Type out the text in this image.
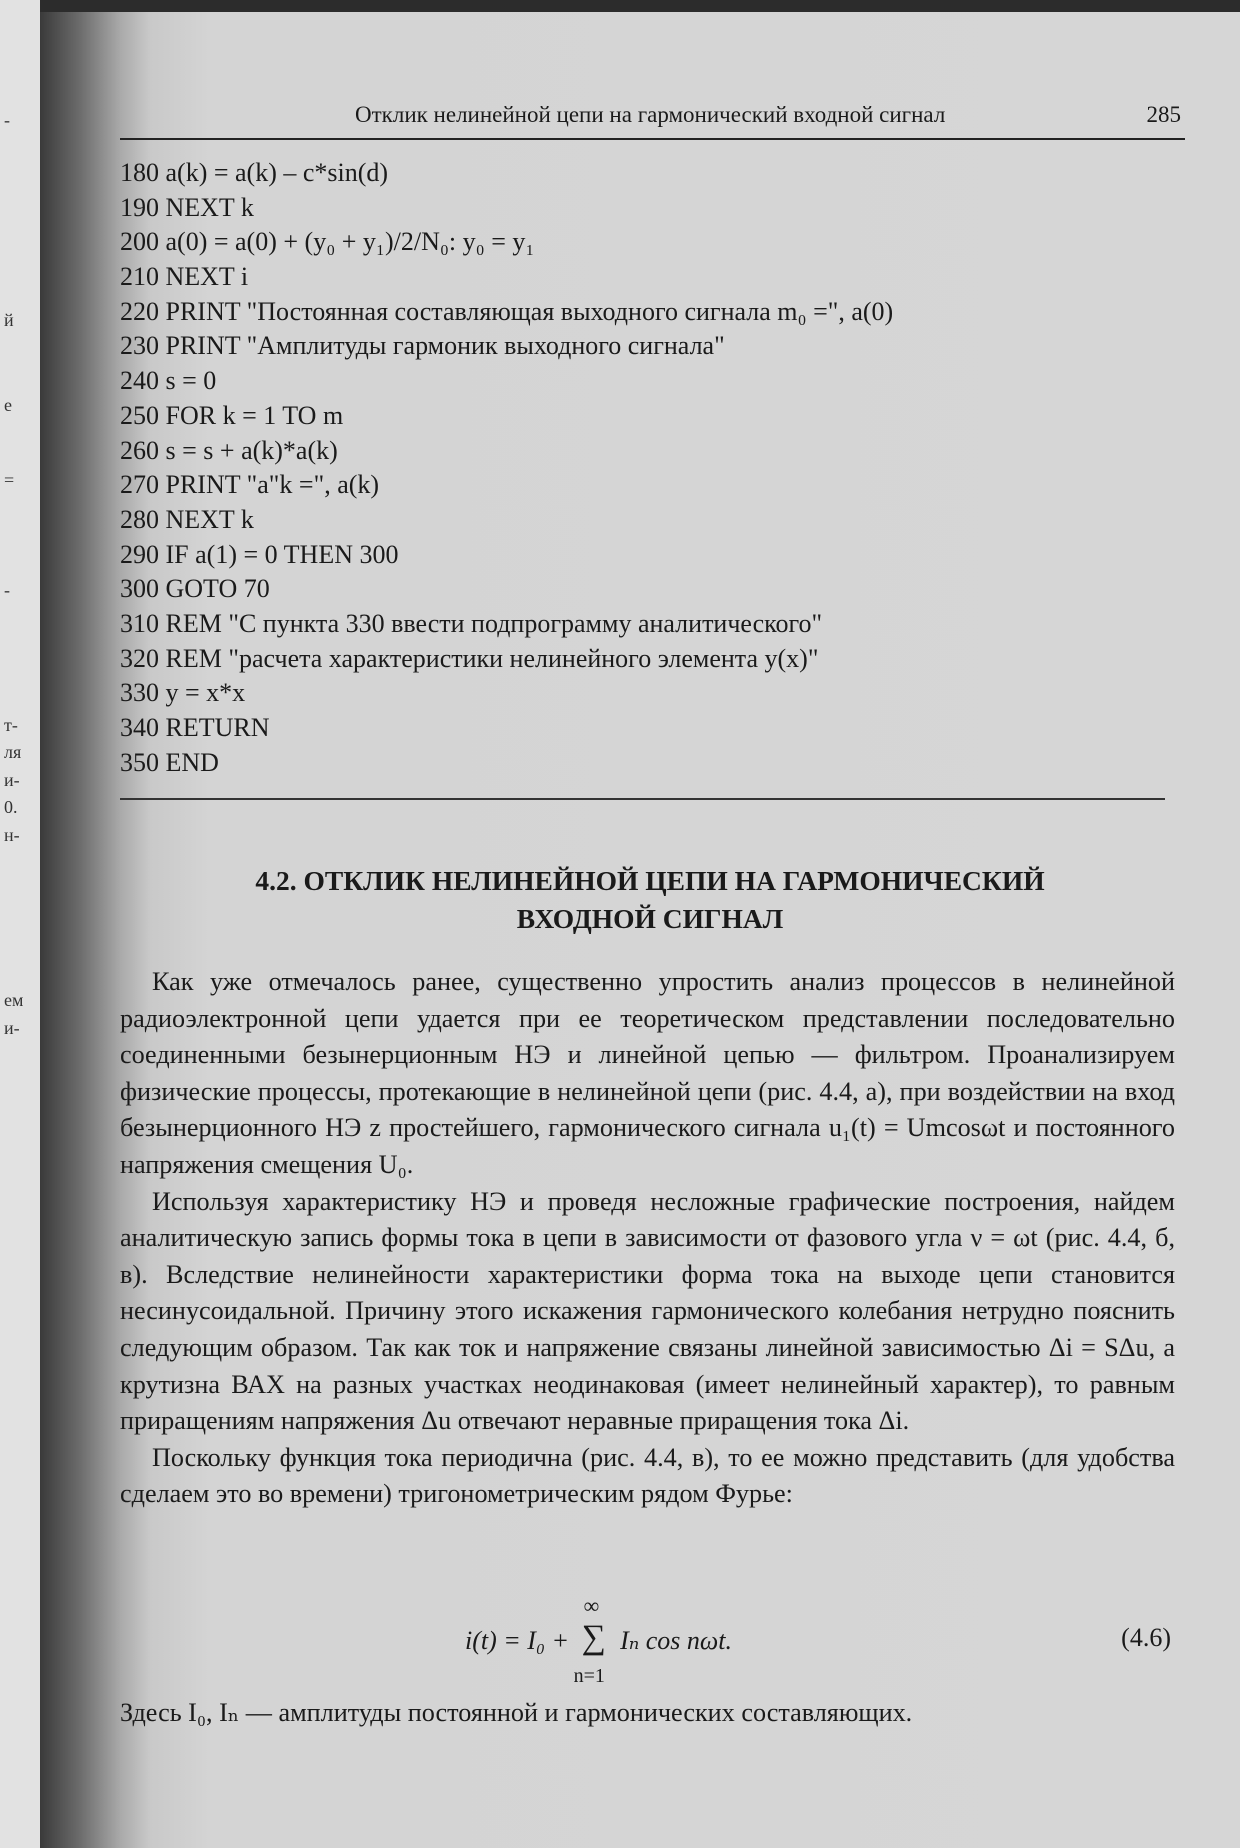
-
й
е
=
-
т-
ля
и-
0.
н-
ем
и-
Отклик нелинейной цепи на гармонический входной сигнал	285
180 a(k) = a(k) – c*sin(d)
190 NEXT k
200 a(0) = a(0) + (y₀ + y₁)/2/N₀: y₀ = y₁
210 NEXT i
220 PRINT "Постоянная составляющая выходного сигнала m₀ =", a(0)
230 PRINT "Амплитуды гармоник выходного сигнала"
240 s = 0
250 FOR k = 1 TO m
260 s = s + a(k)*a(k)
270 PRINT "a"k =", a(k)
280 NEXT k
290 IF a(1) = 0 THEN 300
300 GOTO 70
310 REM "С пункта 330 ввести подпрограмму аналитического"
320 REM "расчета характеристики нелинейного элемента y(x)"
330 y = x*x
340 RETURN
350 END
4.2. ОТКЛИК НЕЛИНЕЙНОЙ ЦЕПИ НА ГАРМОНИЧЕСКИЙ
ВХОДНОЙ СИГНАЛ

Как уже отмечалось ранее, существенно упростить анализ процессов в нелинейной радиоэлектронной цепи удается при ее теоретическом представлении последовательно соединенными безынерционным НЭ и линейной цепью — фильтром. Проанализируем физические процессы, протекающие в нелинейной цепи (рис. 4.4, а), при воздействии на вход безынерционного НЭ z простейшего, гармонического сигнала u₁(t) = Umcosωt и постоянного напряжения смещения U₀.

Используя характеристику НЭ и проведя несложные графические построения, найдем аналитическую запись формы тока в цепи в зависимости от фазового угла ν = ωt (рис. 4.4, б, в). Вследствие нелинейности характеристики форма тока на выходе цепи становится несинусоидальной. Причину этого искажения гармонического колебания нетрудно пояснить следующим образом. Так как ток и напряжение связаны линейной зависимостью Δi = SΔu, а крутизна ВАХ на разных участках неодинаковая (имеет нелинейный характер), то равным приращениям напряжения Δu отвечают неравные приращения тока Δi.

Поскольку функция тока периодична (рис. 4.4, в), то ее можно представить (для удобства сделаем это во времени) тригонометрическим рядом Фурье:

i(t) = I₀ +
∞
∑
n=1
Iₙ cos nωt.	(4.6)
Здесь I₀, Iₙ — амплитуды постоянной и гармонических составляющих.
